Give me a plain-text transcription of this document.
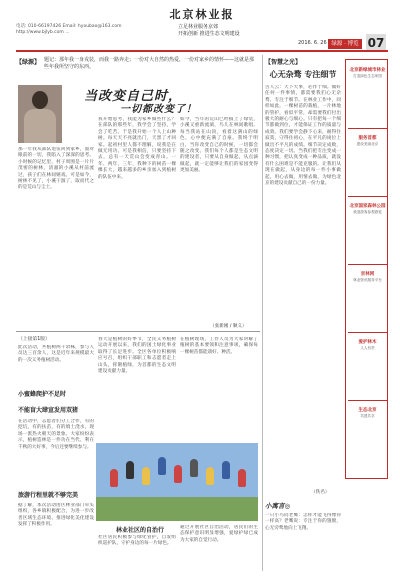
北京林业报
电话: 010-66197426 Email: hyoubao@163.com
http://www.bjlyb.com ...
立足林业服务京郊
开拓创新 推进生态文明建设
2016. 6. 26 绿源 · 博览 07
【绿源】 题记：那年我一身戎装，而我一路奔走；一份对大自然的热爱，一份对家乡的情怀——这就是那些年我所坚守的东西。
当改变自己时，
一切都改变了！
那一年我从部队退伍回到家乡，面对眼前的一切，我陷入了深深的思考。小时候的记忆里，村子周围是一片片茂密的树林，清澈的小溪从村前流过，孩子们在林间嬉戏。可是如今，树林不见了，小溪干涸了，取而代之的是荒山与尘土。
我开始思考，我能为家乡做些什么？在部队的那些年，我学会了坚持，学会了吃苦。于是我开始一个人上山种树。每天天不亮就出门，天黑了才回家。起初村里人都不理解，说我是在做无用功。可是我相信，只要坚持下去，总有一天荒山会变成青山。一年、两年、三年，我种下的树苗一棵棵长大，越来越多的乡亲加入到植树的队伍中来。
如今，当年的荒山已经披上了绿装，小溪又重新流淌，鸟儿在林间歌唱。每当我站在山顶，看着这满山的绿色，心中便充满了自豪。我终于明白，当你改变自己的时候，一切都会随之改变。我们每个人都是生态文明的建设者，只要从自身做起，从点滴做起，就一定能够让我们的家园变得更加美丽。
（张新刚 / 顺义）
（上接第1版）
此次活动，共植树两千余株，参与人员达三百余人，这是近年来规模最大的一次义务植树活动。
小蜜蜂爬护不足时
不能盲大肆宣发用双猪
在活动中，志愿者们分工合作，有的挖坑，有的扶苗，有的填土浇水，现场一派热火朝天的景象。大家纷纷表示，植树造林是一件功在当代、利在千秋的大好事，今后还要继续参与。
旅游行程里就不够完美
据了解，本次活动由区林业部门牵头组织，各乡镇积极配合，为进一步改善区域生态环境、推进绿化美化建设发挥了积极作用。
春天是植树的好季节，全民义务植树运动开展以来，我们的国土绿化事业取得了长足进步。全区各单位积极响应号召，组织干部职工和志愿者走上山头，挥锹植绿，为首都的生态文明建设贡献力量。
在植树现场，工作人员为大家讲解了植树的基本要领和注意事项，确保每一棵树苗都能栽好、种活。
林业社区的自治行
社区居民积极参与绿化管护，自发组织巡护队，守护身边的每一片绿色。
通过开展社区自治活动，居民们的生态保护意识明显增强，爱绿护绿已成为大家的自觉行动。
【智慧之光】
心无杂骛 专注细节
古人云：天下大事，必作于细。做好任何一件事情，都需要我们心无杂骛、专注于细节。在林业工作中，同样如此。一棵树苗的栽植，一片林地的管护，看似平常，却需要我们付出极大的耐心与细心。只有把每一个细节都做到位，才能保证工作的质量与成效。我们要学会静下心来，耐得住寂寞，守得住初心，在平凡的岗位上做出不平凡的成绩。细节决定成败，态度决定一切。当我们把专注变成一种习惯，把认真变成一种品质，就没有什么困难是不能克服的。让我们从现在做起，从身边的每一件小事做起，用心去做，用情去做，为绿色北京的建设贡献自己的一份力量。
（佚名）
小寓言◎
一只小鸟问老鹰：怎样才能飞得像你一样高？老鹰说：专注于你的翅膀，心无旁骛地向上飞翔。
北京新绿城市林业
打造绿色生态家园
服务首都
建设美丽北京
北京国家森林公园
欢迎游客参观游览
京林网
林业资讯服务平台
爱护林木
人人有责
生态北京
共建共享
